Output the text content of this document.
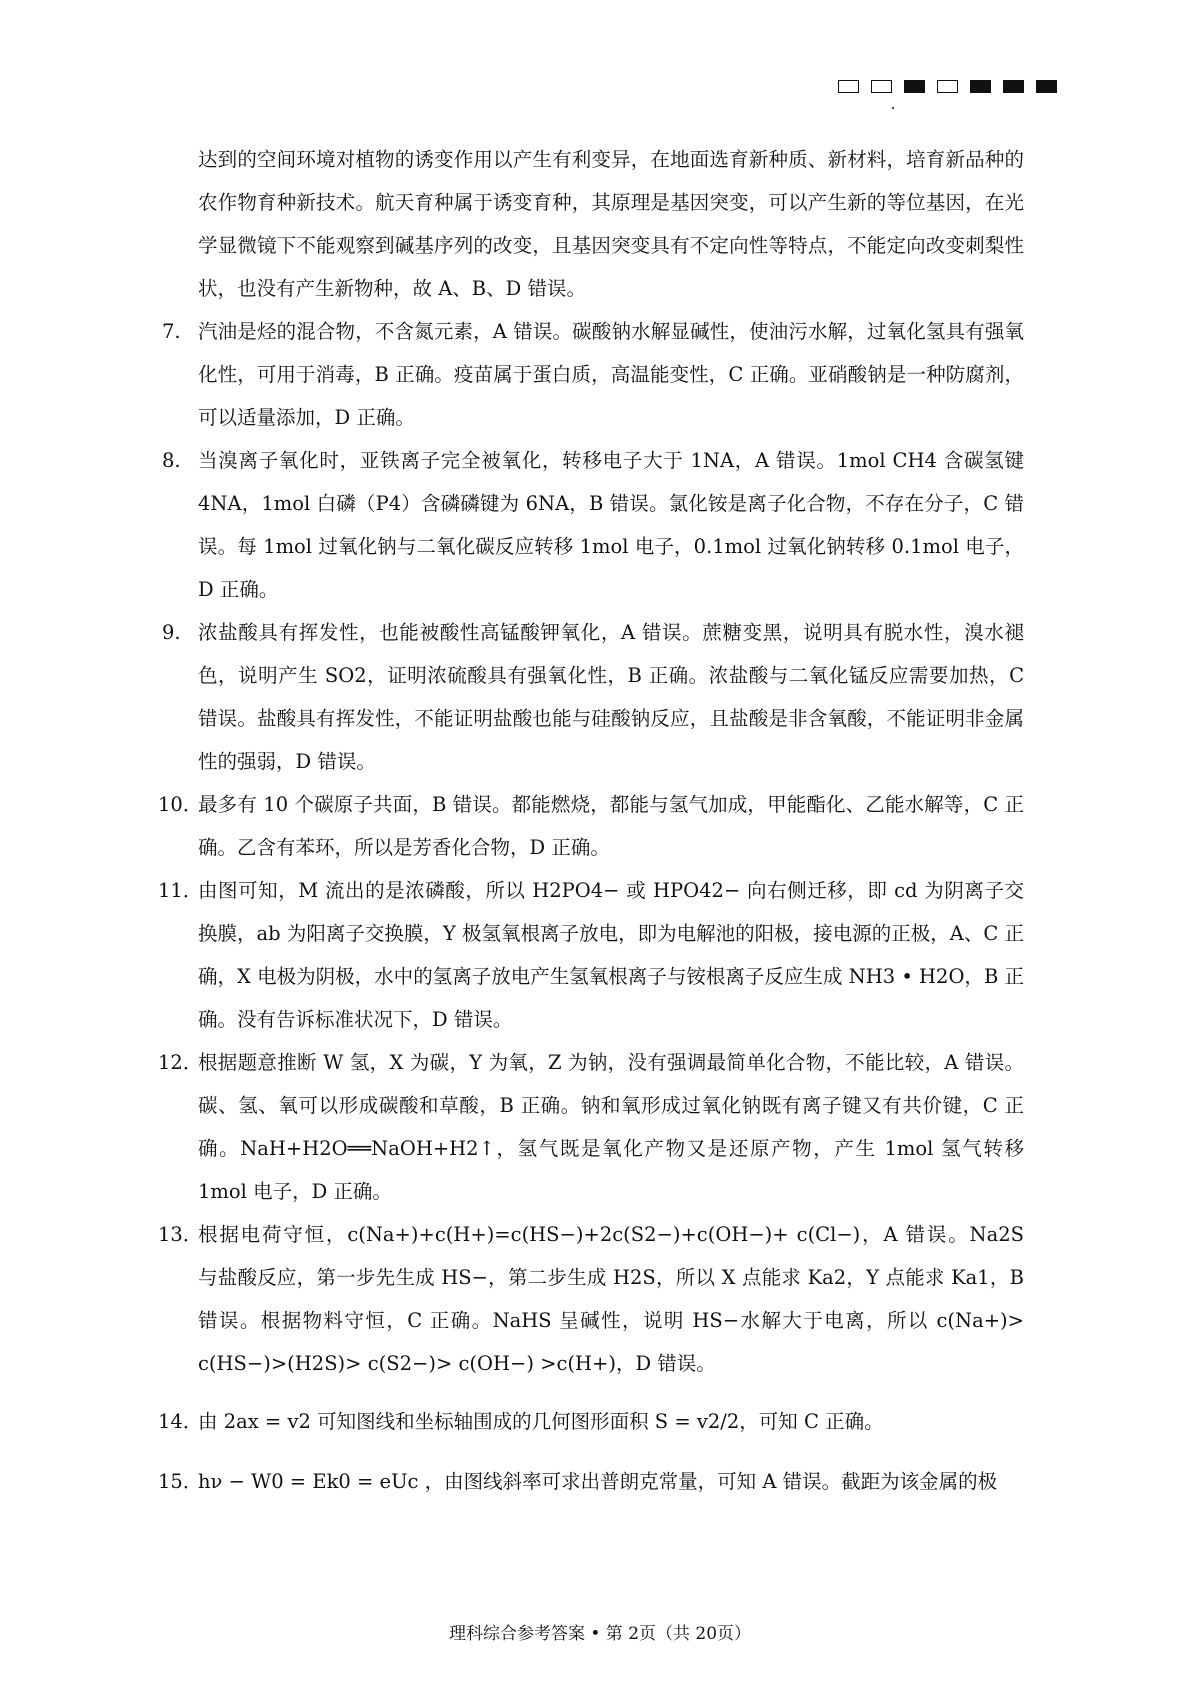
达到的空间环境对植物的诱变作用以产生有利变异，在地面选育新种质、新材料，培育新品种的农作物育种新技术。航天育种属于诱变育种，其原理是基因突变，可以产生新的等位基因，在光学显微镜下不能观察到碱基序列的改变，且基因突变具有不定向性等特点，不能定向改变刺梨性状，也没有产生新物种，故 A、B、D 错误。
7. 汽油是烃的混合物，不含氮元素，A 错误。碳酸钠水解显碱性，使油污水解，过氧化氢具有强氧化性，可用于消毒，B 正确。疫苗属于蛋白质，高温能变性，C 正确。亚硝酸钠是一种防腐剂，可以适量添加，D 正确。
8. 当溴离子氧化时，亚铁离子完全被氧化，转移电子大于 1NA，A 错误。1mol CH4 含碳氢键 4NA，1mol 白磷（P4）含磷磷键为 6NA，B 错误。氯化铵是离子化合物，不存在分子，C 错误。每 1mol 过氧化钠与二氧化碳反应转移 1mol 电子，0.1mol 过氧化钠转移 0.1mol 电子，D 正确。
9. 浓盐酸具有挥发性，也能被酸性高锰酸钾氧化，A 错误。蔗糖变黑，说明具有脱水性，溴水褪色，说明产生 SO2，证明浓硫酸具有强氧化性，B 正确。浓盐酸与二氧化锰反应需要加热，C 错误。盐酸具有挥发性，不能证明盐酸也能与硅酸钠反应，且盐酸是非含氧酸，不能证明非金属性的强弱，D 错误。
10．
最多有 10 个碳原子共面，B 错误。都能燃烧，都能与氢气加成，甲能酯化、乙能水解等，C 正确。乙含有苯环，所以是芳香化合物，D 正确。
11．
由图可知，M 流出的是浓磷酸，所以 H2PO4− 或 HPO42− 向右侧迁移，即 cd 为阴离子交换膜，ab 为阳离子交换膜，Y 极氢氧根离子放电，即为电解池的阳极，接电源的正极，A、C 正确，X 电极为阴极，水中的氢离子放电产生氢氧根离子与铵根离子反应生成 NH3 • H2O，B 正确。没有告诉标准状况下，D 错误。
12．
根据题意推断 W 氢，X 为碳，Y 为氧，Z 为钠，没有强调最简单化合物，不能比较，A 错误。碳、氢、氧可以形成碳酸和草酸，B 正确。钠和氧形成过氧化钠既有离子键又有共价键，C 正确。NaH+H2O══NaOH+H2↑，氢气既是氧化产物又是还原产物，产生 1mol 氢气转移 1mol 电子，D 正确。
13．
根据电荷守恒，c(Na+)+c(H+)=c(HS−)+2c(S2−)+c(OH−)+ c(Cl−)，A 错误。Na2S 与盐酸反应，第一步先生成 HS−，第二步生成 H2S，所以 X 点能求 Ka2，Y 点能求 Ka1，B 错误。根据物料守恒，C 正确。NaHS 呈碱性，说明 HS−水解大于电离，所以 c(Na+)> c(HS−)>(H2S)> c(S2−)> c(OH−) >c(H+)，D 错误。
14．
由 2ax = v2 可知图线和坐标轴围成的几何图形面积 S = v2/2，可知 C 正确。
15．
hν − W0 = Ek0 = eUc ，由图线斜率可求出普朗克常量，可知 A 错误。截距为该金属的极
理科综合参考答案 • 第 2页（共 20页）
